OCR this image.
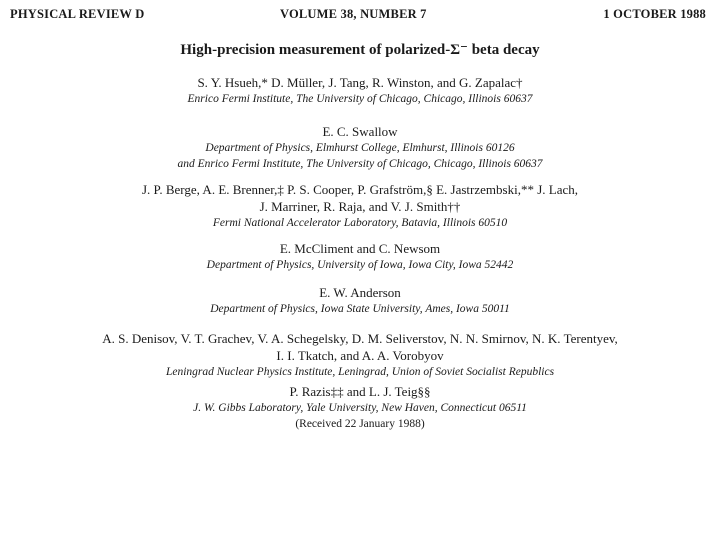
PHYSICAL REVIEW D	VOLUME 38, NUMBER 7	1 OCTOBER 1988
High-precision measurement of polarized-Σ⁻ beta decay
S. Y. Hsueh,* D. Müller, J. Tang, R. Winston, and G. Zapalac†
Enrico Fermi Institute, The University of Chicago, Chicago, Illinois 60637
E. C. Swallow
Department of Physics, Elmhurst College, Elmhurst, Illinois 60126
and Enrico Fermi Institute, The University of Chicago, Chicago, Illinois 60637
J. P. Berge, A. E. Brenner,‡ P. S. Cooper, P. Grafström,§ E. Jastrzembski,** J. Lach,
J. Marriner, R. Raja, and V. J. Smith††
Fermi National Accelerator Laboratory, Batavia, Illinois 60510
E. McCliment and C. Newsom
Department of Physics, University of Iowa, Iowa City, Iowa 52442
E. W. Anderson
Department of Physics, Iowa State University, Ames, Iowa 50011
A. S. Denisov, V. T. Grachev, V. A. Schegelsky, D. M. Seliverstov, N. N. Smirnov, N. K. Terentyev,
I. I. Tkatch, and A. A. Vorobyov
Leningrad Nuclear Physics Institute, Leningrad, Union of Soviet Socialist Republics
P. Razis‡‡ and L. J. Teig§§
J. W. Gibbs Laboratory, Yale University, New Haven, Connecticut 06511
(Received 22 January 1988)
